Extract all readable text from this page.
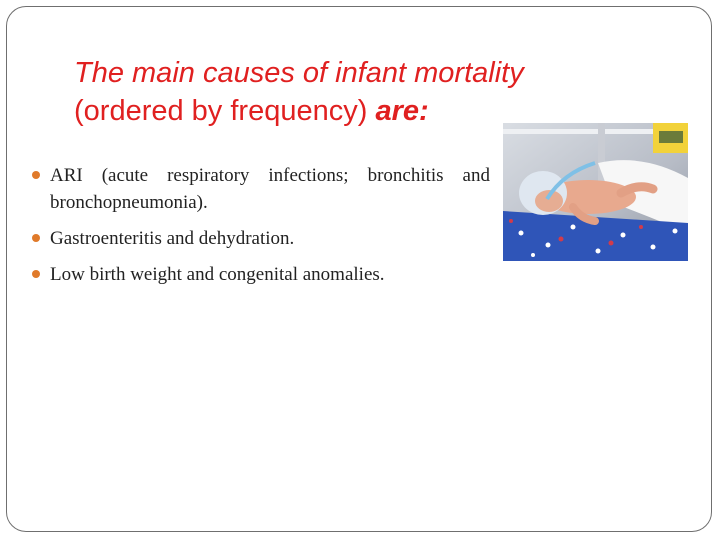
The main causes of infant mortality
(ordered by frequency) are:
ARI (acute respiratory infections; bronchitis and bronchopneumonia).
Gastroenteritis and dehydration.
Low birth weight and congenital anomalies.
